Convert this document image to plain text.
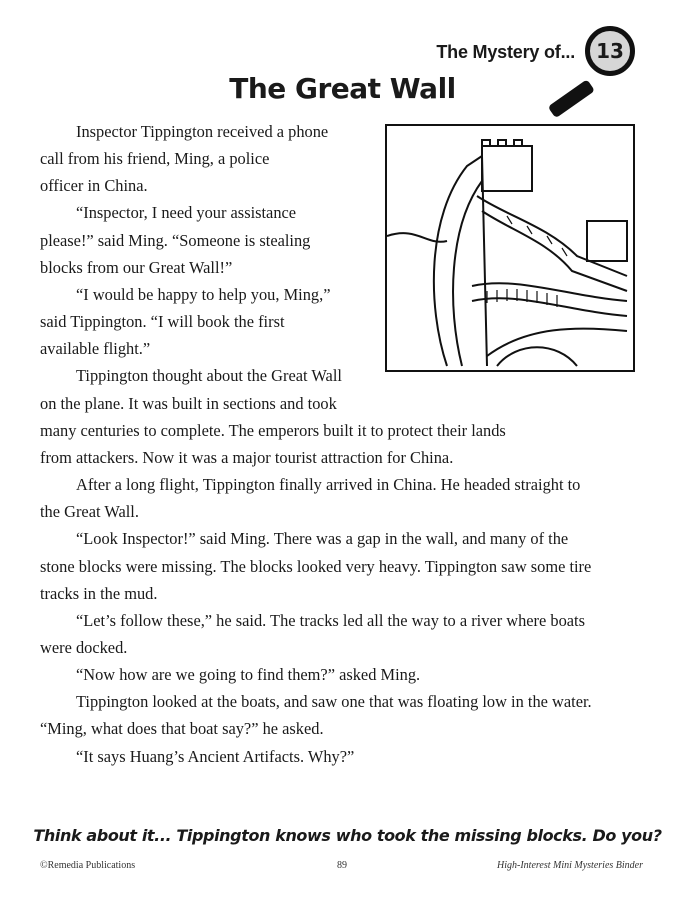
The Mystery of... 13
The Great Wall
Inspector Tippington received a phone
call from his friend, Ming, a police
officer in China.
“Inspector, I need your assistance
please!” said Ming. “Someone is stealing
blocks from our Great Wall!”
“I would be happy to help you, Ming,”
said Tippington. “I will book the first
available flight.”
Tippington thought about the Great Wall
on the plane. It was built in sections and took
many centuries to complete. The emperors built it to protect their lands
from attackers. Now it was a major tourist attraction for China.
After a long flight, Tippington finally arrived in China. He headed straight to
the Great Wall.
“Look Inspector!” said Ming. There was a gap in the wall, and many of the
stone blocks were missing. The blocks looked very heavy. Tippington saw some tire
tracks in the mud.
“Let’s follow these,” he said. The tracks led all the way to a river where boats
were docked.
“Now how are we going to find them?” asked Ming.
Tippington looked at the boats, and saw one that was floating low in the water.
“Ming, what does that boat say?” he asked.
“It says Huang’s Ancient Artifacts. Why?”
Think about it... Tippington knows who took the missing blocks. Do you?
©Remedia Publications	89	High-Interest Mini Mysteries Binder
